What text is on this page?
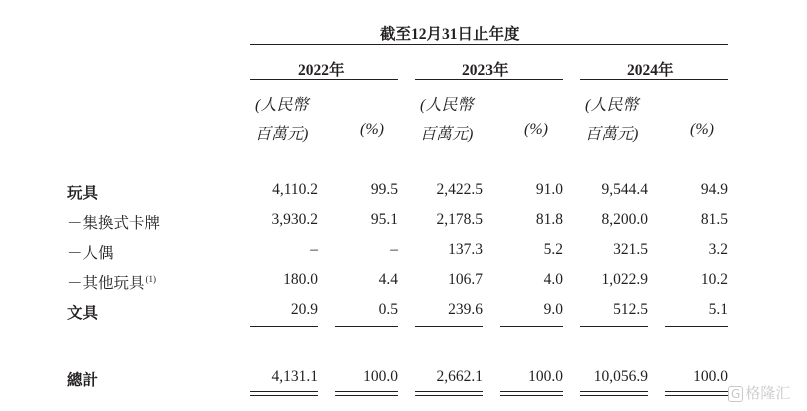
截至12月31日止年度
2022年	2023年	2024年
(人民幣
百萬元)	(%)
(人民幣
百萬元)	(%)
(人民幣
百萬元)	(%)
玩具	4,110.2	99.5	2,422.5	91.0	9,544.4	94.9
－集換式卡牌	3,930.2	95.1	2,178.5	81.8	8,200.0	81.5
－人偶	–	–	137.3	5.2	321.5	3.2
－其他玩具$^{(1)}$	180.0	4.4	106.7	4.0	1,022.9	10.2
文具	20.9	0.5	239.6	9.0	512.5	5.1
總計	4,131.1	100.0	2,662.1	100.0	10,056.9	100.0
G 格隆汇
